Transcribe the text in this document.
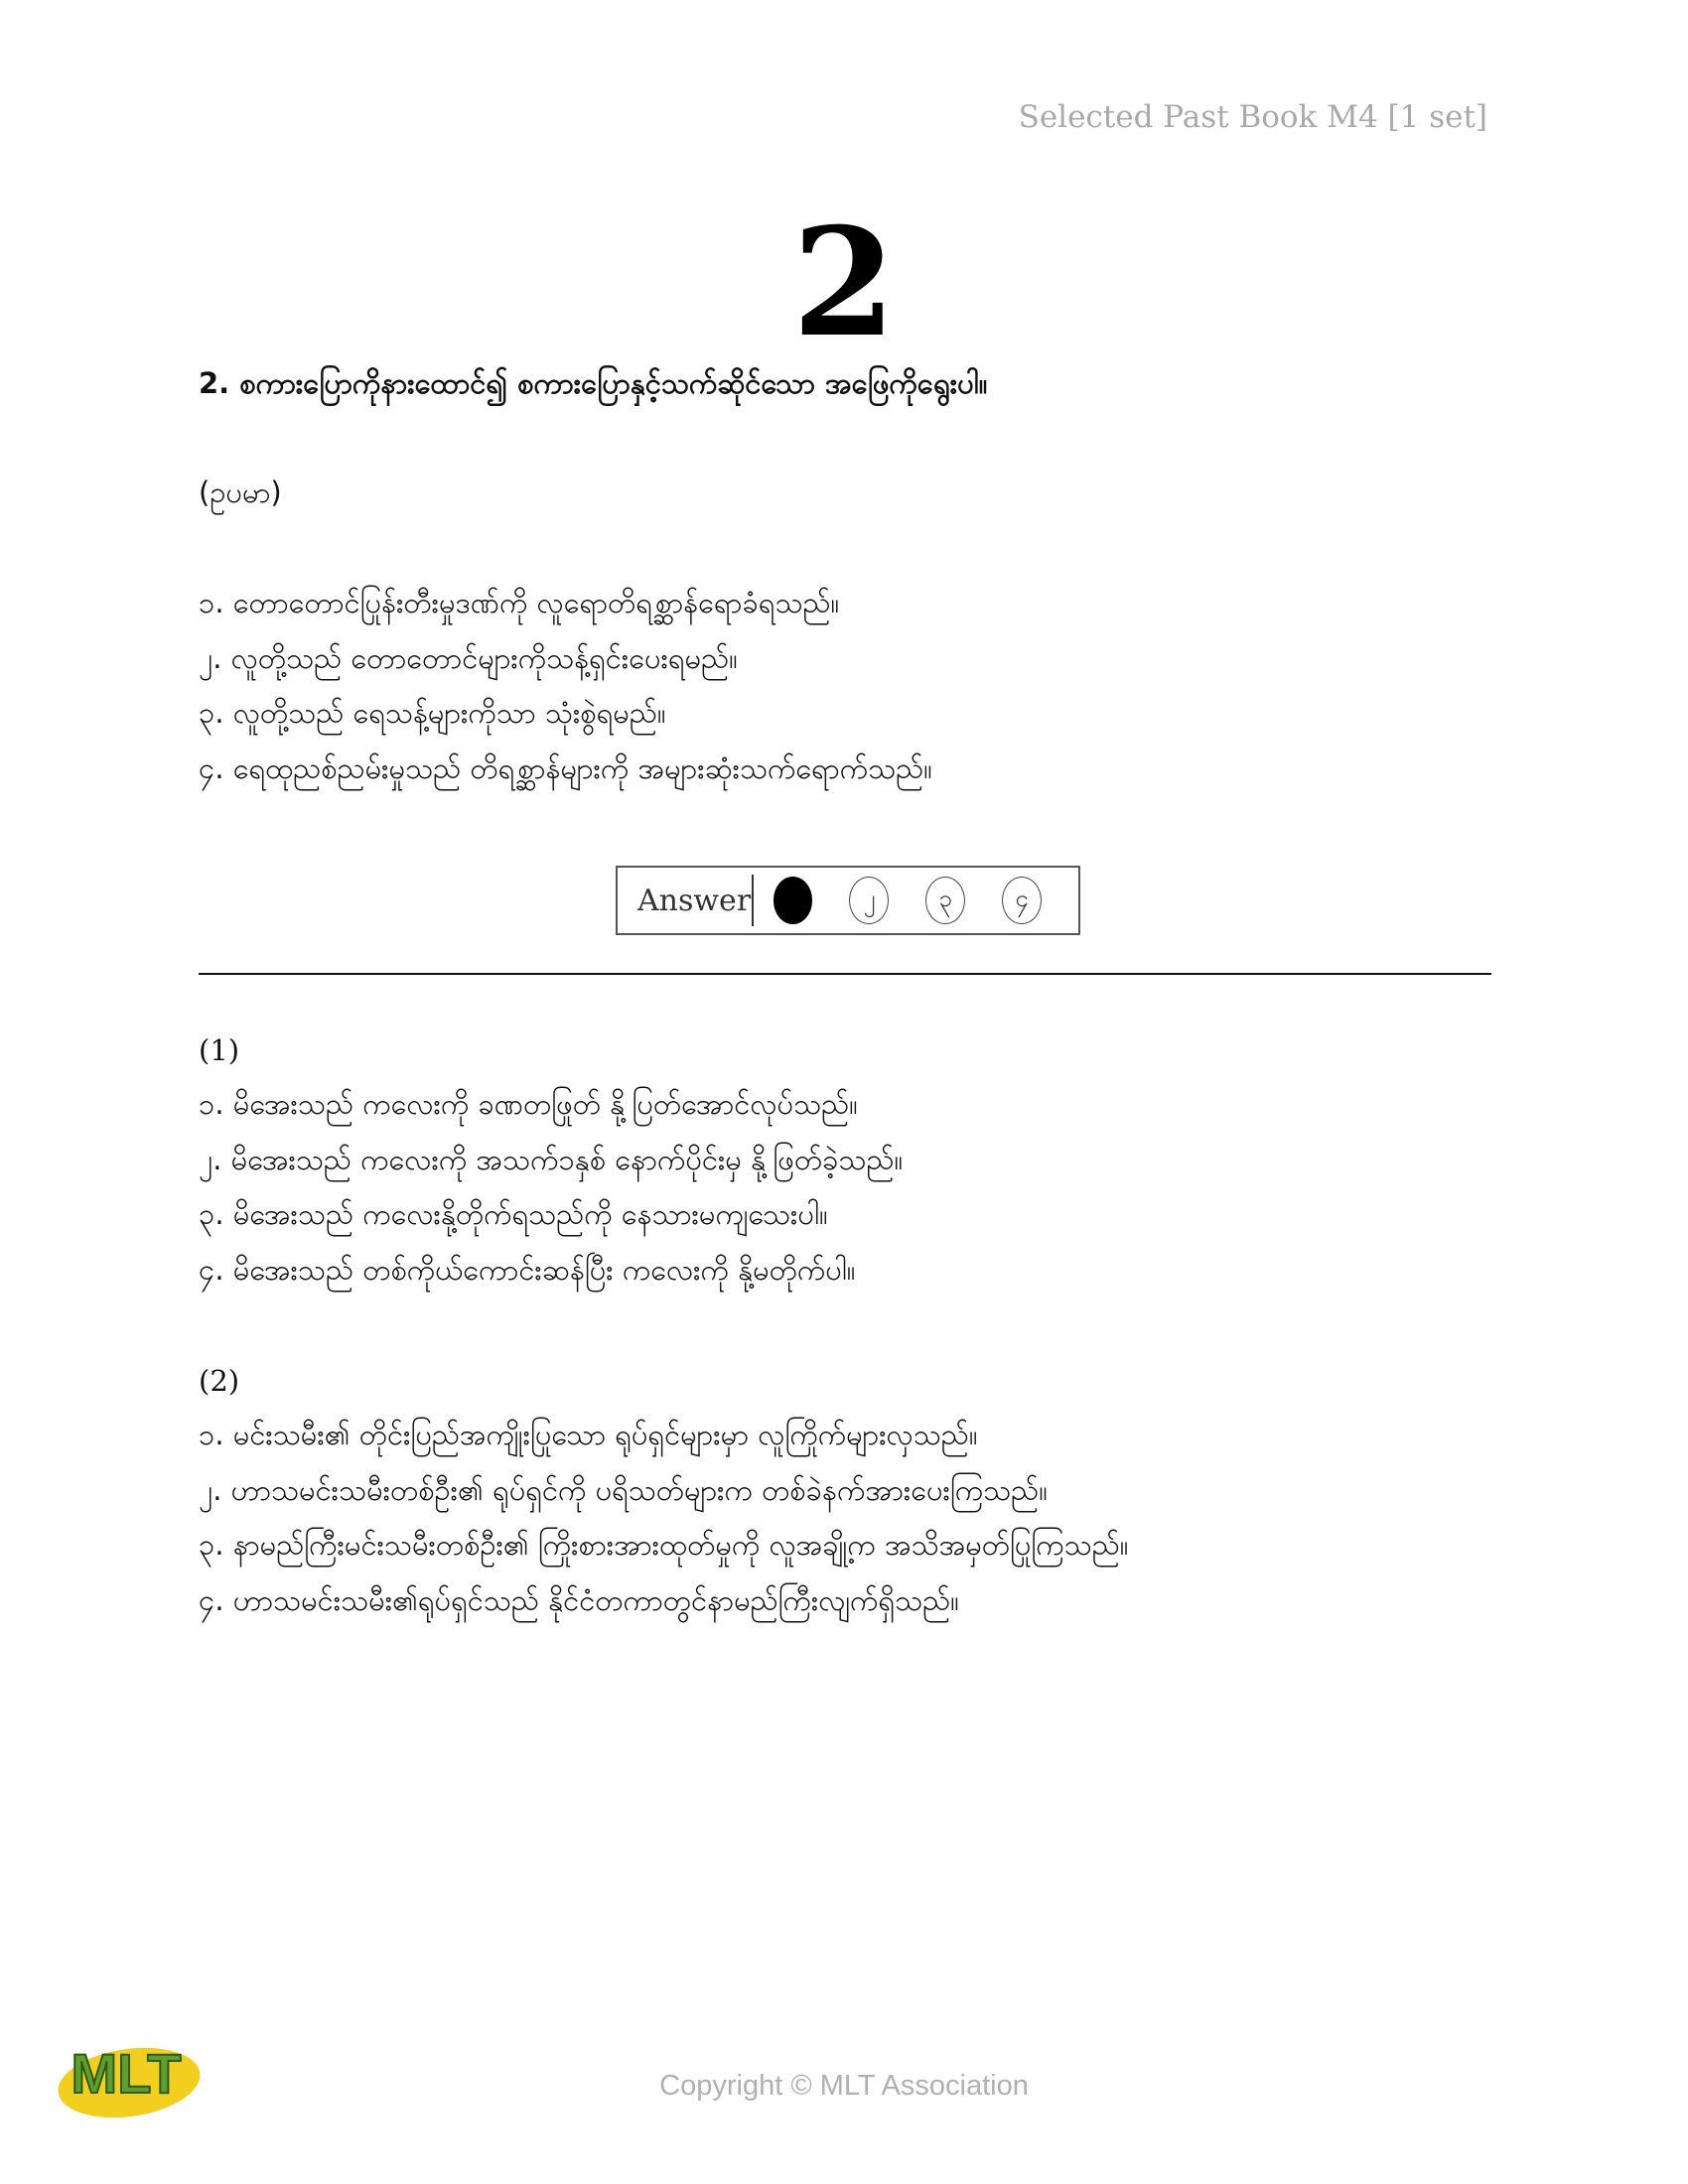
Selected Past Book M4 [1 set]
2
2. စကားပြောကိုနားထောင်၍ စကားပြောနှင့်သက်ဆိုင်သော အဖြေကိုရွေးပါ။
(ဥပမာ)
၁. တောတောင်ပြုန်းတီးမှုဒဏ်ကို လူရောတိရစ္ဆာန်ရောခံရသည်။
၂. လူတို့သည် တောတောင်များကိုသန့်ရှင်းပေးရမည်။
၃. လူတို့သည် ရေသန့်များကိုသာ သုံးစွဲရမည်။
၄. ရေထုညစ်ညမ်းမှုသည် တိရစ္ဆာန်များကို အများဆုံးသက်ရောက်သည်။
Answer	၂	၃	၄
(1)
၁. မိအေးသည် ကလေးကို ခဏတဖြုတ် နို့ပြတ်အောင်လုပ်သည်။
၂. မိအေးသည် ကလေးကို အသက်၁နှစ် နောက်ပိုင်းမှ နို့ဖြတ်ခဲ့သည်။
၃. မိအေးသည် ကလေးနို့တိုက်ရသည်ကို နေသားမကျသေးပါ။
၄. မိအေးသည် တစ်ကိုယ်ကောင်းဆန်ပြီး ကလေးကို နို့မတိုက်ပါ။
(2)
၁. မင်းသမီး၏ တိုင်းပြည်အကျိုးပြုသော ရုပ်ရှင်များမှာ လူကြိုက်များလှသည်။
၂. ဟာသမင်းသမီးတစ်ဦး၏ ရုပ်ရှင်ကို ပရိသတ်များက တစ်ခဲနက်အားပေးကြသည်။
၃. နာမည်ကြီးမင်းသမီးတစ်ဦး၏ ကြိုးစားအားထုတ်မှုကို လူအချို့က အသိအမှတ်ပြုကြသည်။
၄. ဟာသမင်းသမီး၏ရုပ်ရှင်သည် နိုင်ငံတကာတွင်နာမည်ကြီးလျက်ရှိသည်။
MLT	Copyright © MLT Association
